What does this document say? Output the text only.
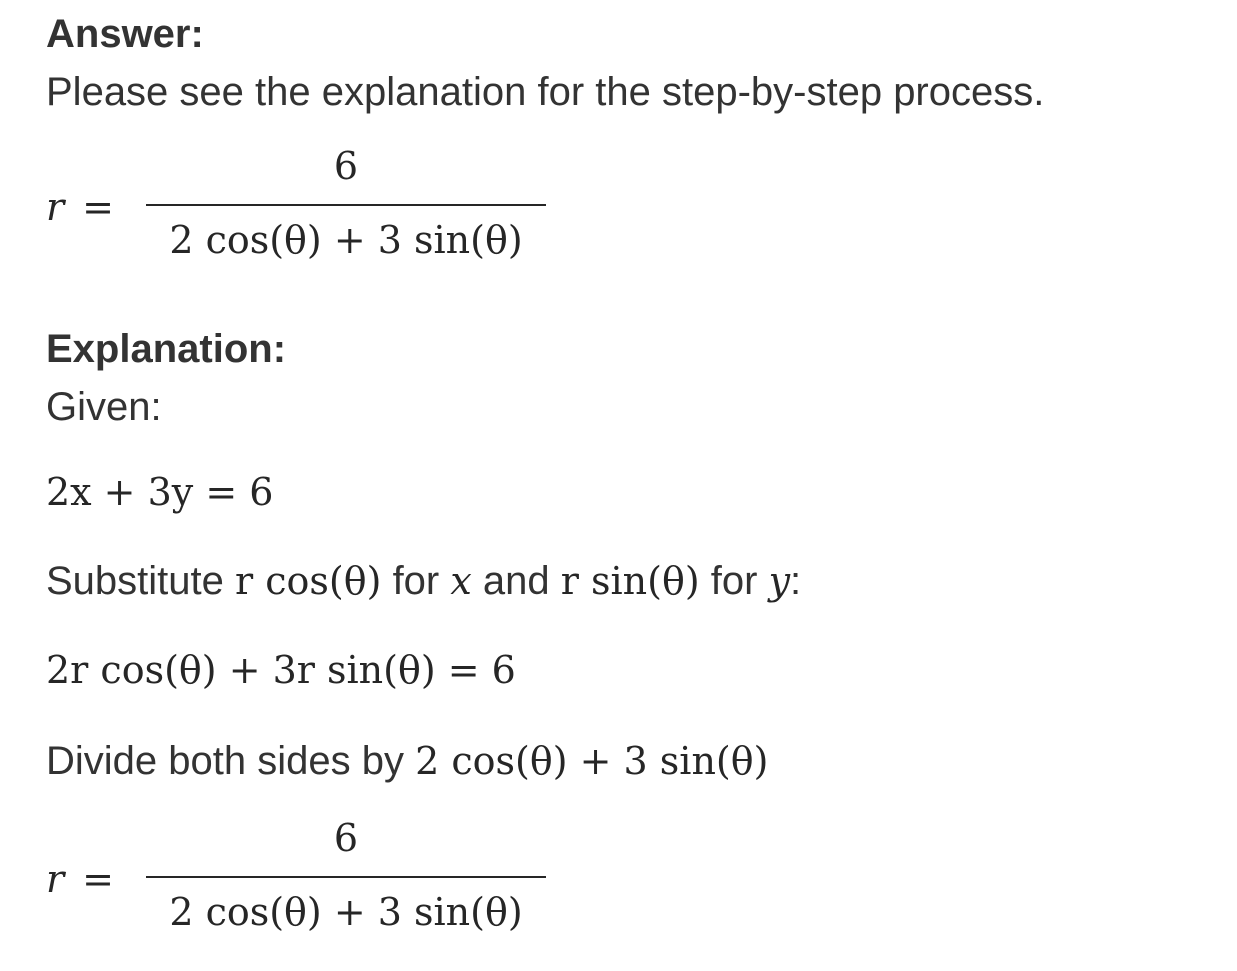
Answer:
Please see the explanation for the step-by-step process.
r =
6
2 cos(θ) + 3 sin(θ)
Explanation:
Given:
2x + 3y = 6
Substitute r cos(θ) for x and r sin(θ) for y:
2r cos(θ) + 3r sin(θ) = 6
Divide both sides by 2 cos(θ) + 3 sin(θ)
r =
6
2 cos(θ) + 3 sin(θ)
